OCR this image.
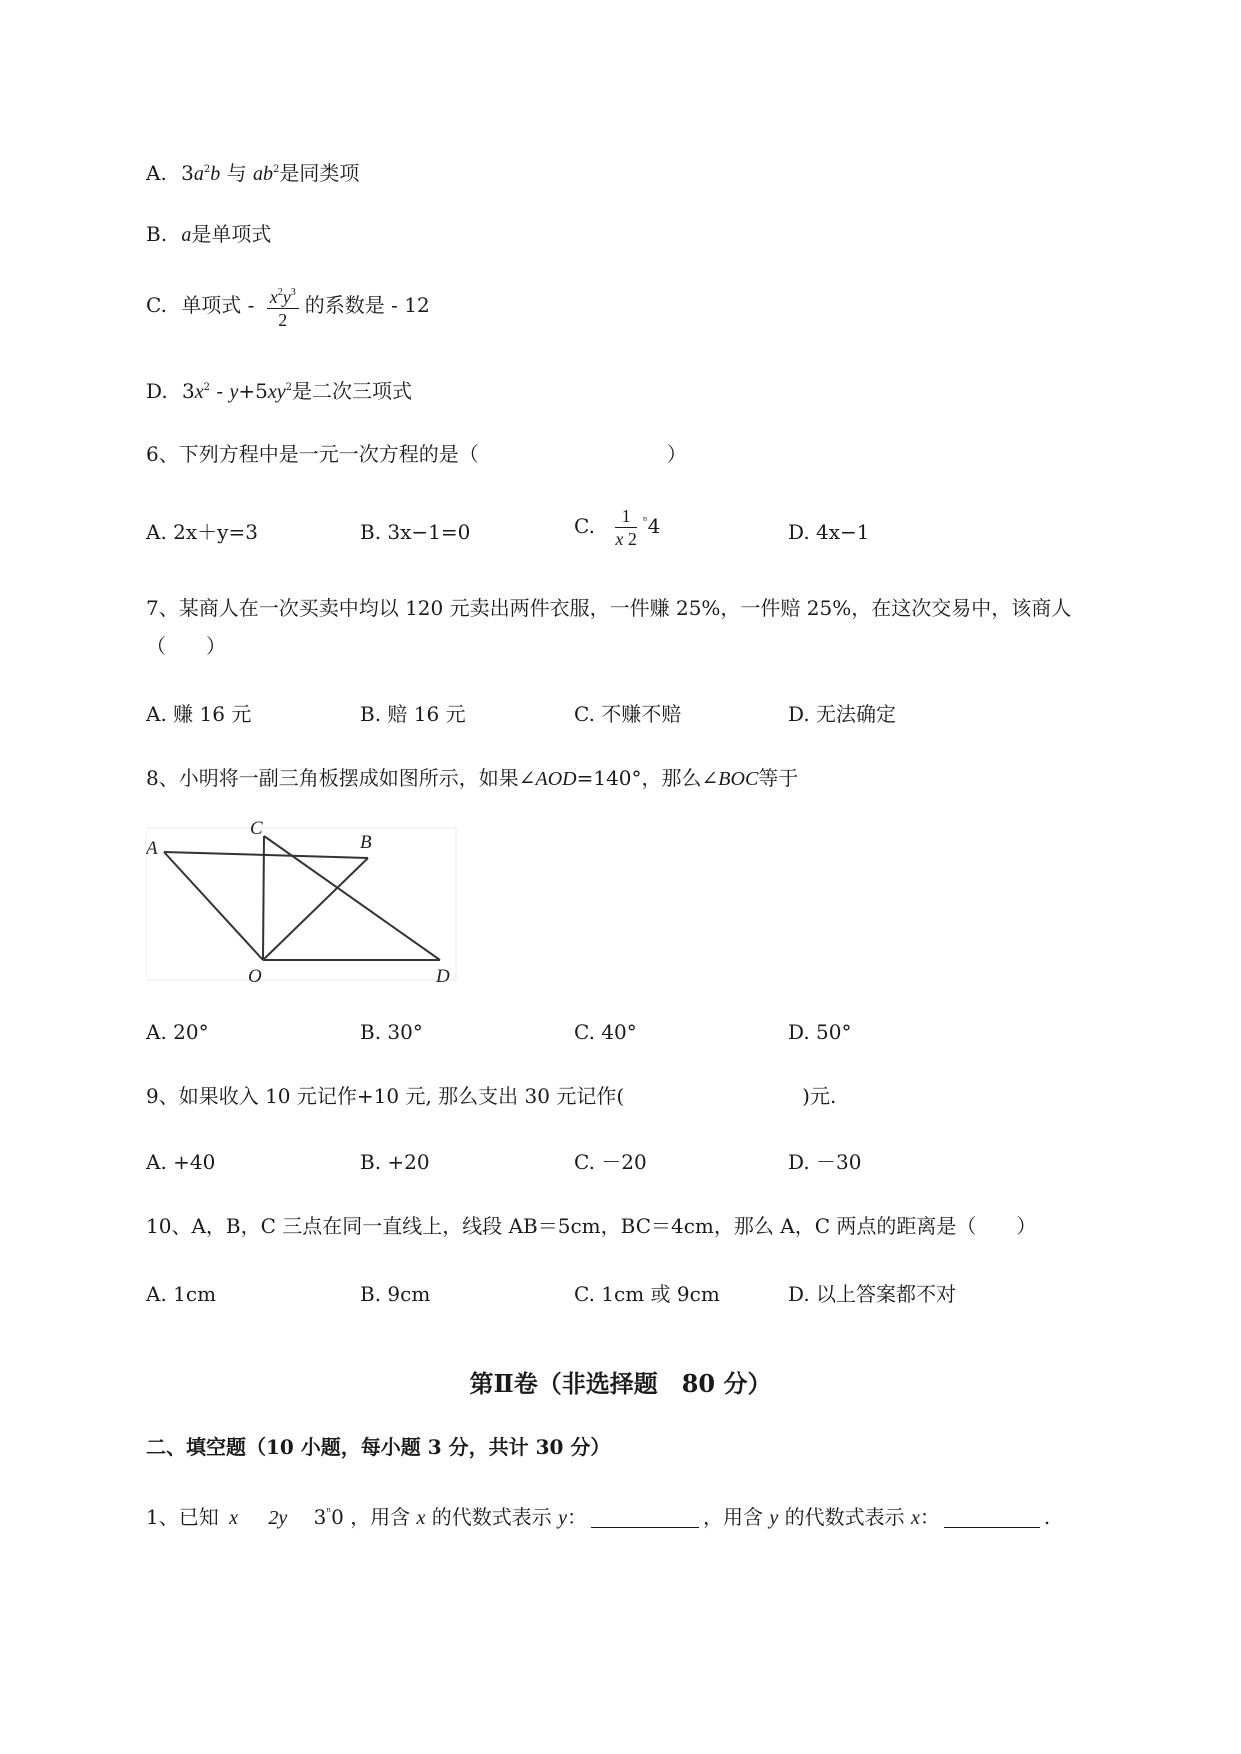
A. $3a^2b$ 与 $ab^2$是同类项
B. a是单项式
C. 单项式 - $\frac{x^2y^3}{2}$ 的系数是 - 12
D. $3x^2 - y+5xy^2$是二次三项式
6、下列方程中是一元一次方程的是（	）
A. 2x＋y=3	B. 3x−1=0	C. $\frac{1}{x 2} ^{^n}4$	D. 4x−1
7、某商人在一次买卖中均以 120 元卖出两件衣服，一件赚 25%，一件赔 25%，在这次交易中，该商人
（　　）
A. 赚 16 元	B. 赔 16 元	C. 不赚不赔	D. 无法确定
8、小明将一副三角板摆成如图所示，如果∠AOD=140°，那么∠BOC等于
A
C
B
O	D
A. 20°	B. 30°	C. 40°	D. 50°
9、如果收入 10 元记作+10 元, 那么支出 30 元记作(	)元.
A. +40	B. +20	C. －20	D. －30
10、A，B，C 三点在同一直线上，线段 AB＝5cm，BC＝4cm，那么 A，C 两点的距离是（　　）
A. 1cm	B. 9cm	C. 1cm 或 9cm	D. 以上答案都不对
第Ⅱ卷（非选择题　80 分）
二、填空题（10 小题，每小题 3 分，共计 30 分）
1、已知 x 2y $3^{^n}0$ ，用含 x 的代数式表示 y：	，用含 y 的代数式表示 x：	.
